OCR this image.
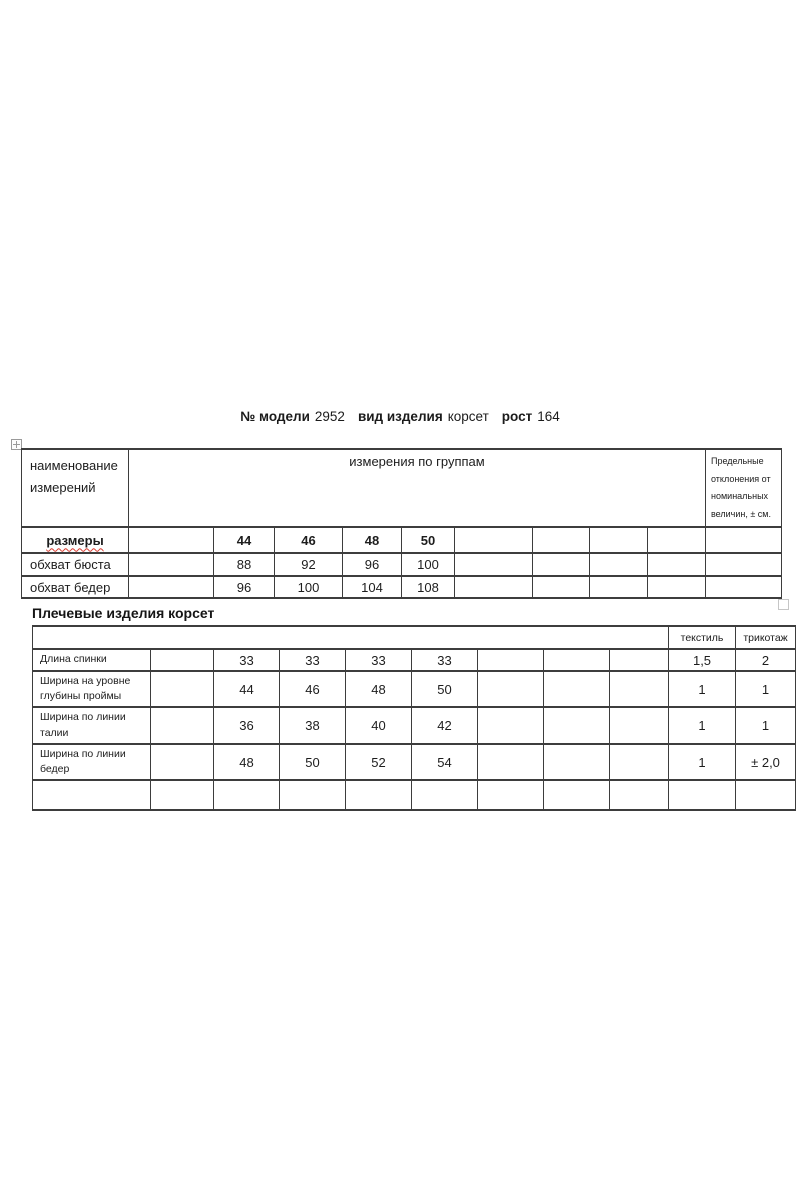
№ модели 2952 вид изделия корсет рост 164
наименование измерений	измерения по группам									Предельные отклонения от номинальных величин, ± см.
размеры		44	46	48	50					
обхват бюста		88	92	96	100					
обхват бедер		96	100	104	108					
Плечевые изделия корсет
									текстиль	трикотаж
Длина спинки		33	33	33	33				1,5	2
Ширина на уровне глубины проймы		44	46	48	50				1	1
Ширина по линии талии		36	38	40	42				1	1
Ширина по линии бедер		48	50	52	54				1	± 2,0
